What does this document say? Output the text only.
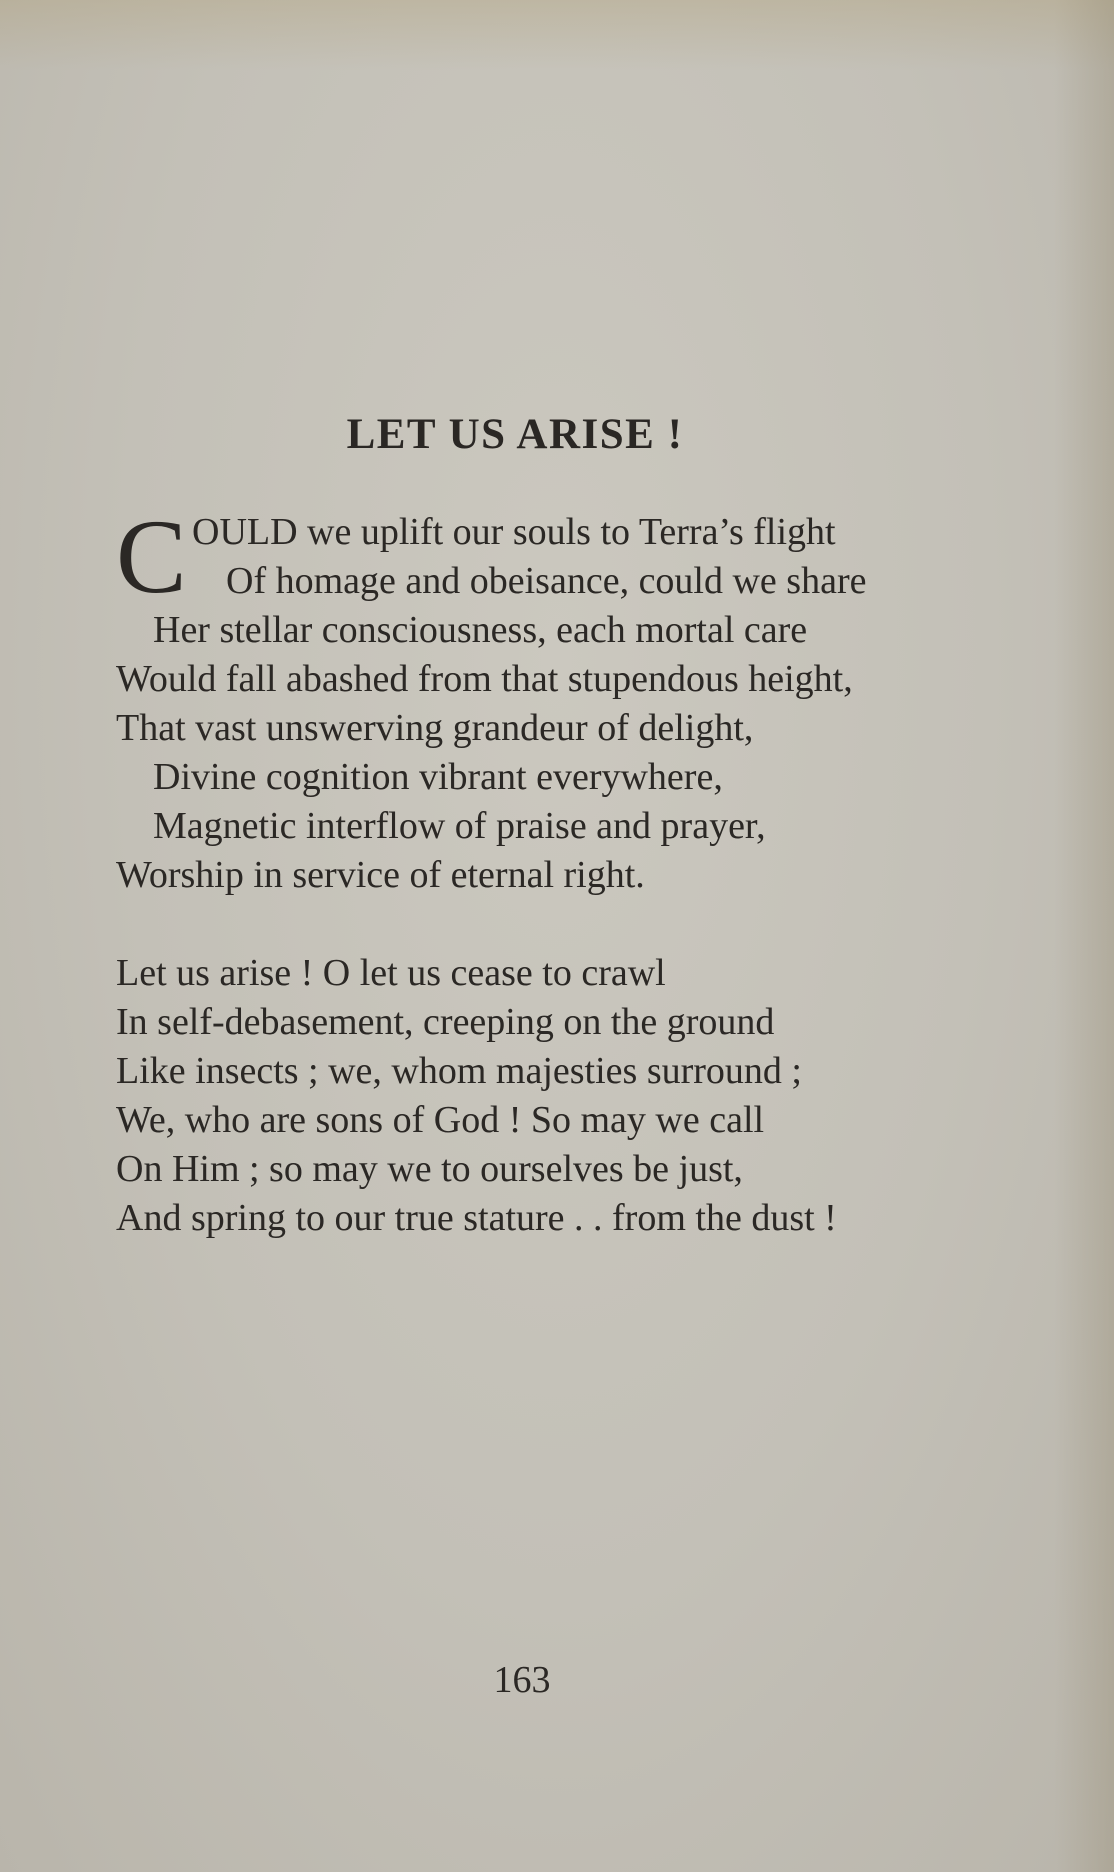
LET US ARISE !
C OULD we uplift our souls to Terra’s flight
Of homage and obeisance, could we share
Her stellar consciousness, each mortal care
Would fall abashed from that stupendous height,
That vast unswerving grandeur of delight,
Divine cognition vibrant everywhere,
Magnetic interflow of praise and prayer,
Worship in service of eternal right.
Let us arise ! O let us cease to crawl
In self-debasement, creeping on the ground
Like insects ; we, whom majesties surround ;
We, who are sons of God ! So may we call
On Him ; so may we to ourselves be just,
And spring to our true stature . . from the dust !
163
